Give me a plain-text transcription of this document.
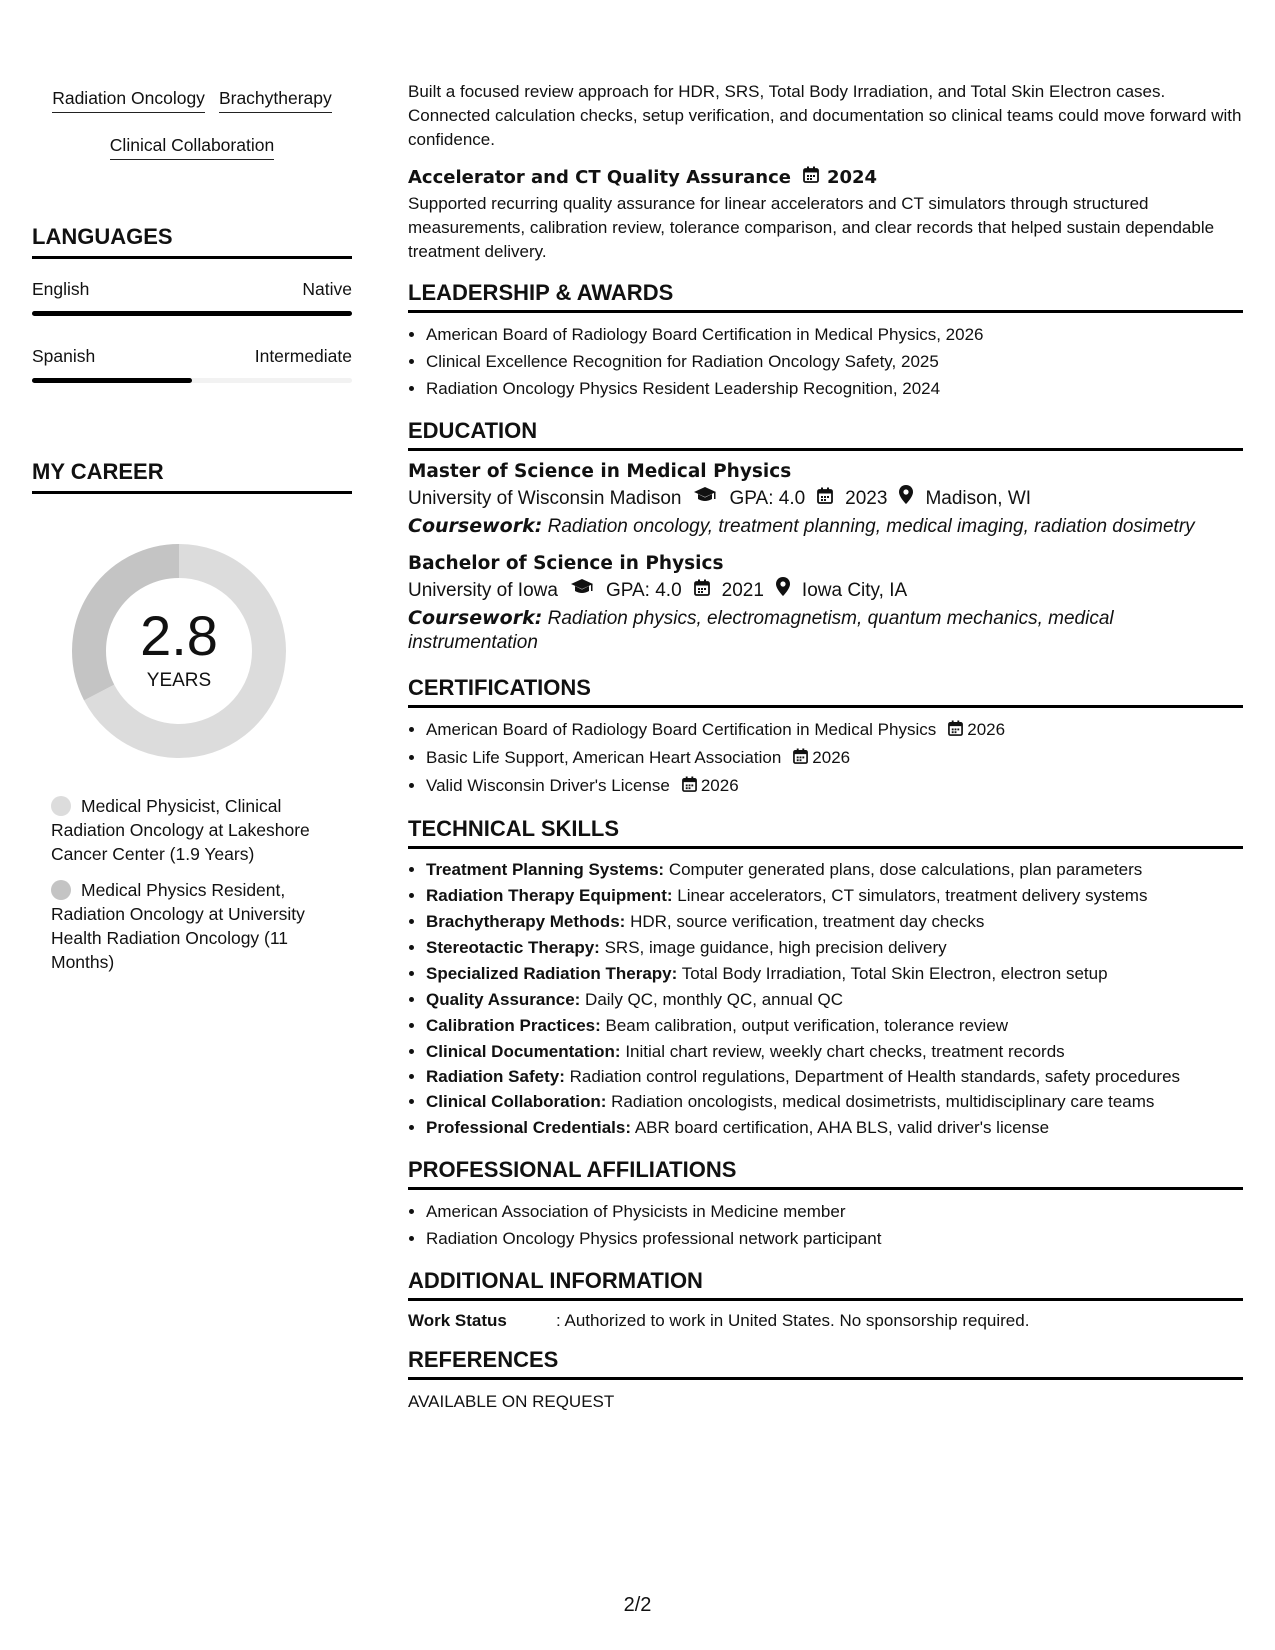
Radiation Oncology Brachytherapy
Clinical Collaboration
LANGUAGES
English	Native
Spanish	Intermediate
MY CAREER
2.8
YEARS
Medical Physicist, Clinical Radiation Oncology at Lakeshore Cancer Center (1.9 Years)
Medical Physics Resident, Radiation Oncology at University Health Radiation Oncology (11 Months)

Built a focused review approach for HDR, SRS, Total Body Irradiation, and Total Skin Electron cases. Connected calculation checks, setup verification, and documentation so clinical teams could move forward with confidence.

Accelerator and CT Quality Assurance 2024

Supported recurring quality assurance for linear accelerators and CT simulators through structured measurements, calibration review, tolerance comparison, and clear records that helped sustain dependable treatment delivery.

LEADERSHIP & AWARDS
• American Board of Radiology Board Certification in Medical Physics, 2026
• Clinical Excellence Recognition for Radiation Oncology Safety, 2025
• Radiation Oncology Physics Resident Leadership Recognition, 2024
EDUCATION
Master of Science in Medical Physics
University of Wisconsin Madison	GPA: 4.0 2023 Madison, WI

Coursework: Radiation oncology, treatment planning, medical imaging, radiation dosimetry

Bachelor of Science in Physics
University of Iowa	GPA: 4.0 2021 Iowa City, IA

Coursework: Radiation physics, electromagnetism, quantum mechanics, medical instrumentation

CERTIFICATIONS
• American Board of Radiology Board Certification in Medical Physics 2026
• Basic Life Support, American Heart Association 2026
• Valid Wisconsin Driver's License 2026
TECHNICAL SKILLS
• Treatment Planning Systems: Computer generated plans, dose calculations, plan parameters
• Radiation Therapy Equipment: Linear accelerators, CT simulators, treatment delivery systems
• Brachytherapy Methods: HDR, source verification, treatment day checks
• Stereotactic Therapy: SRS, image guidance, high precision delivery
• Specialized Radiation Therapy: Total Body Irradiation, Total Skin Electron, electron setup
• Quality Assurance: Daily QC, monthly QC, annual QC
• Calibration Practices: Beam calibration, output verification, tolerance review
• Clinical Documentation: Initial chart review, weekly chart checks, treatment records
• Radiation Safety: Radiation control regulations, Department of Health standards, safety procedures
• Clinical Collaboration: Radiation oncologists, medical dosimetrists, multidisciplinary care teams
• Professional Credentials: ABR board certification, AHA BLS, valid driver's license
PROFESSIONAL AFFILIATIONS
• American Association of Physicists in Medicine member
• Radiation Oncology Physics professional network participant
ADDITIONAL INFORMATION
Work Status	: Authorized to work in United States. No sponsorship required.
REFERENCES
AVAILABLE ON REQUEST
2/2
